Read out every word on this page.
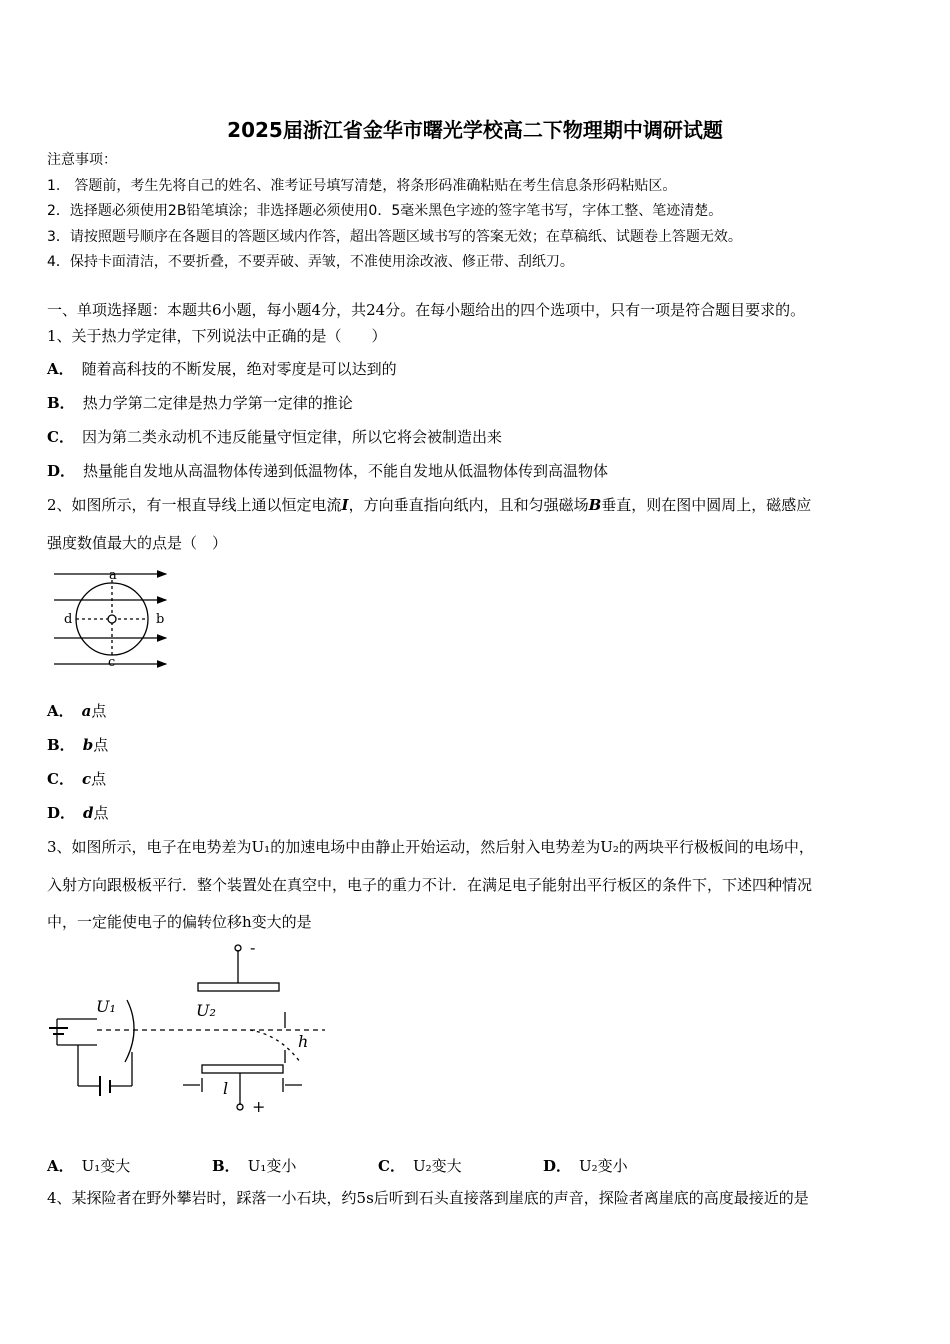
2025届浙江省金华市曙光学校高二下物理期中调研试题
注意事项：
1.　答题前，考生先将自己的姓名、准考证号填写清楚，将条形码准确粘贴在考生信息条形码粘贴区。
2．选择题必须使用2B铅笔填涂；非选择题必须使用0．5毫米黑色字迹的签字笔书写，字体工整、笔迹清楚。
3．请按照题号顺序在各题目的答题区域内作答，超出答题区域书写的答案无效；在草稿纸、试题卷上答题无效。
4．保持卡面清洁，不要折叠，不要弄破、弄皱，不准使用涂改液、修正带、刮纸刀。
一、单项选择题：本题共6小题，每小题4分，共24分。在每小题给出的四个选项中，只有一项是符合题目要求的。
1、关于热力学定律，下列说法中正确的是（　　）
A． 随着高科技的不断发展，绝对零度是可以达到的
B． 热力学第二定律是热力学第一定律的推论
C． 因为第二类永动机不违反能量守恒定律，所以它将会被制造出来
D． 热量能自发地从高温物体传递到低温物体，不能自发地从低温物体传到高温物体
2、如图所示，有一根直导线上通以恒定电流I，方向垂直指向纸内，且和匀强磁场B垂直，则在图中圆周上，磁感应
强度数值最大的点是（　）
a
b
c
d
A． a点
B． b点
C． c点
D． d点
3、如图所示，电子在电势差为U₁的加速电场中由静止开始运动，然后射入电势差为U₂的两块平行极板间的电场中，
入射方向跟极板平行．整个装置处在真空中，电子的重力不计．在满足电子能射出平行板区的条件下，下述四种情况
中，一定能使电子的偏转位移h变大的是
U₁	U₂
h
l
-
+
A． U₁变大	B． U₁变小	C． U₂变大	D． U₂变小
4、某探险者在野外攀岩时，踩落一小石块，约5s后听到石头直接落到崖底的声音，探险者离崖底的高度最接近的是
